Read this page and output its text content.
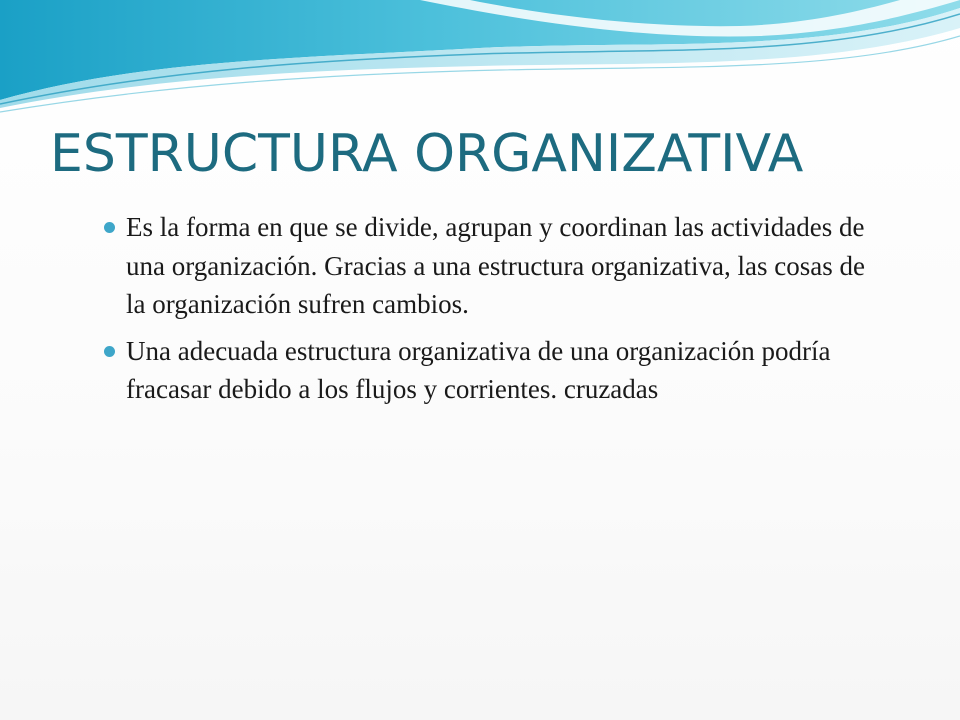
ESTRUCTURA ORGANIZATIVA
Es la forma en que se divide, agrupan y coordinan las actividades de una organización. Gracias a una estructura organizativa, las cosas de la organización sufren cambios.
Una adecuada estructura organizativa de una organización podría fracasar debido a los flujos y corrientes. cruzadas
